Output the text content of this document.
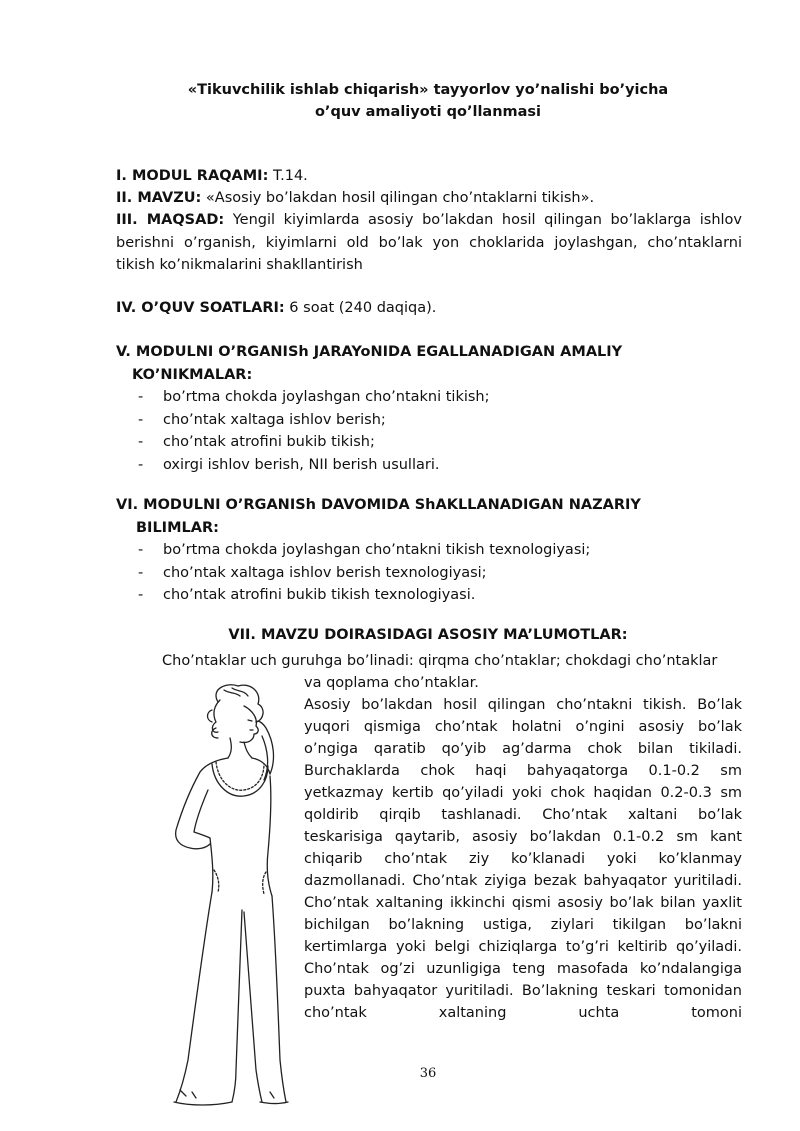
«Tikuvchilik ishlab chiqarish» tayyorlov yo’nalishi bo’yicha
o’quv amaliyoti qo’llanmasi
I. MODUL RAQAMI: T.14.
II. MAVZU: «Asosiy bo’lakdan hosil qilingan cho’ntaklarni tikish».
III. MAQSAD: Yengil kiyimlarda asosiy bo’lakdan hosil qilingan bo’laklarga ishlov berishni o’rganish, kiyimlarni old bo’lak yon choklarida joylashgan, cho’ntaklarni tikish ko’nikmalarini shakllantirish
IV. O’QUV SOATLARI: 6 soat (240 daqiqa).
V. MODULNI O’RGANISh JARAYoNIDA EGALLANADIGAN AMALIY
KO’NIKMALAR:
- bo’rtma chokda joylashgan cho’ntakni tikish;
- cho’ntak xaltaga ishlov berish;
- cho’ntak atrofini bukib tikish;
- oxirgi ishlov berish, NII berish usullari.
VI. MODULNI O’RGANISh DAVOMIDA ShAKLLANADIGAN NAZARIY
BILIMLAR:
- bo’rtma chokda joylashgan cho’ntakni tikish texnologiyasi;
- cho’ntak xaltaga ishlov berish texnologiyasi;
- cho’ntak atrofini bukib tikish texnologiyasi.
VII. MAVZU DOIRASIDAGI ASOSIY MA’LUMOTLAR:
Cho’ntaklar uch guruhga bo’linadi: qirqma cho’ntaklar; chokdagi cho’ntaklar
va qoplama cho’ntaklar.
Asosiy bo’lakdan hosil qilingan cho’ntakni tikish. Bo’lak yuqori qismiga cho’ntak holatni o’ngini asosiy bo’lak o’ngiga qaratib qo’yib ag’darma chok bilan tikiladi. Burchaklarda chok haqi bahyaqatorga 0.1-0.2 sm yetkazmay kertib qo’yiladi yoki chok haqidan 0.2-0.3 sm qoldirib qirqib tashlanadi. Cho’ntak xaltani bo’lak teskarisiga qaytarib, asosiy bo’lakdan 0.1-0.2 sm kant chiqarib cho’ntak ziy ko’klanadi yoki ko’klanmay dazmollanadi. Cho’ntak ziyiga bezak bahyaqator yuritiladi. Cho’ntak xaltaning ikkinchi qismi asosiy bo’lak bilan yaxlit bichilgan bo’lakning ustiga, ziylari tikilgan bo’lakni kertimlarga yoki belgi chiziqlarga to’g’ri keltirib qo’yiladi. Cho’ntak og’zi uzunligiga teng masofada ko’ndalangiga puxta bahyaqator yuritiladi. Bo’lakning teskari tomonidan cho’ntak xaltaning uchta tomoni
36
